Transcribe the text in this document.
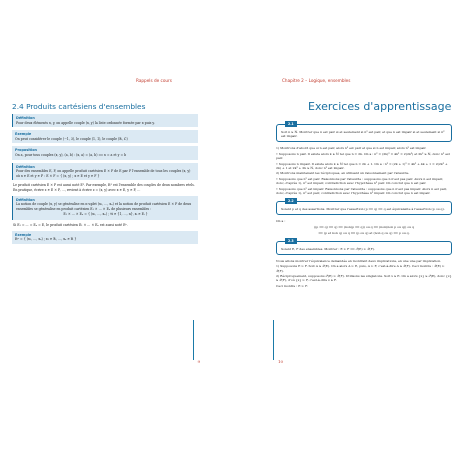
Rappels de cours
2.4 Produits cartésiens d'ensembles
Définition
Pour deux éléments x, y, on appelle couple (x, y) la liste ordonnée formée par x puis y.
Exemple
On peut considérer le couple (−1, 3), le couple (1, 1), le couple (ℝ, ℂ)
Proposition
On a, pour tous couples (x, y), (a, b) : (x, a) = (a, b) ⟺ x = a et y = b
Définition
Pour des ensembles E, F, on appelle produit cartésien E × F de E par F l'ensemble de tous les couples (x, y) où x ∈ E et y ∈ F : E × F = { (x, y) ; x ∈ E et y ∈ F }
Le produit cartésien E × F est aussi noté E². Par exemple, ℝ² est l'ensemble des couples de deux nombres réels. En pratique, écrire z ∈ E × F, …, revient à écrire z = (x, y) avec x ∈ E, y ∈ F, …
Définition
La notion de couple (x, y) se généralise en n-uplet (x₁, …, xₙ) et la notion de produit cartésien E × F de deux ensembles se généralise en produit cartésien E₁ × ⋯ × Eₙ de plusieurs ensembles :
E₁ × ⋯ × Eₙ = { (x₁, …, xₙ) ; ∀i ∈ {1, …, n}, xᵢ ∈ Eᵢ }
Si E₁ = ⋯ = Eₙ = E, le produit cartésien E₁ × ⋯ × Eₙ est aussi noté Eⁿ.
Exemple
ℝⁿ = { (x₁, …, xₙ) ; x₁ ∈ ℝ, …, xₙ ∈ ℝ }
9
Chapitre 2 – Logique, ensembles
Exercices d'apprentissage
2.1
Soit n ∈ ℕ. Montrer que n est pair si et seulement si n² est pair, et que n est impair si et seulement si n² est impair.

1) Montrons d'abord que si n est pair, alors n² est pair et que si n est impair, alors n² est impair.

• Supposons n pair. Il existe alors k ∈ ℕ tel que n = 2k. On a : n² = (2k)² = 4k² = 2(2k²) et 2k² ∈ ℕ, donc n² est pair.

• Supposons n impair. Il existe alors k ∈ ℕ tel que n = 2k + 1. On a : n² = (2k + 1)² = 4k² + 4k + 1 = 2(2k² + 2k) + 1 et 2k² + 2k ∈ ℕ, donc n² est impair.

2) Montrons maintenant les réciproques, en utilisant un raisonnement par l'absurde.

• Supposons que n² est pair. Raisonnons par l'absurde : supposons que n n'est pas pair. Alors n est impair, donc, d'après 1), n² est impair, contradiction avec l'hypothèse n² pair. On conclut que n est pair.

• Supposons que n² est impair. Raisonnons par l'absurde : supposons que n n'est pas impair. Alors n est pair, donc, d'après 1), n² est pair, contradiction avec l'hypothèse n² impair. On conclut que n est impair.

2.2
Soient p et q des assertions. Montrer que l'assertion (p ⟹ q) ⟹ q est équivalente à l'assertion (p ou q).

On a :

((p ⟹ q) ⟹ q) ⟺ (non(p ⟹ q)) ou q ⟺ (non(non p ou q)) ou q

⟺ (p et non q) ou q ⟺ (p ou q) et (non q ou q) ⟺ p ou q.

2.3
Soient E, F des ensembles. Montrer : E ⊂ F ⟺ 𝒫(E) ⊂ 𝒫(F).

Nous allons montrer l'équivalence demandée en montrant deux implications, en une une par implication.

1) Supposons E ⊂ F. Soit A ∈ 𝒫(E). On a alors A ⊂ E, puis, A ⊂ F, c'est-à-dire A ∈ 𝒫(F). Ceci montre : 𝒫(E) ⊂ 𝒫(F).

2) Réciproquement, supposons 𝒫(E) ⊂ 𝒫(F). Utilisons les singletons. Soit x ∈ E. On a alors {x} ∈ 𝒫(E), donc {x} ∈ 𝒫(F), d'où {x} ⊂ F, c'est-à-dire x ∈ F.

Ceci montre : E ⊂ F.

10
